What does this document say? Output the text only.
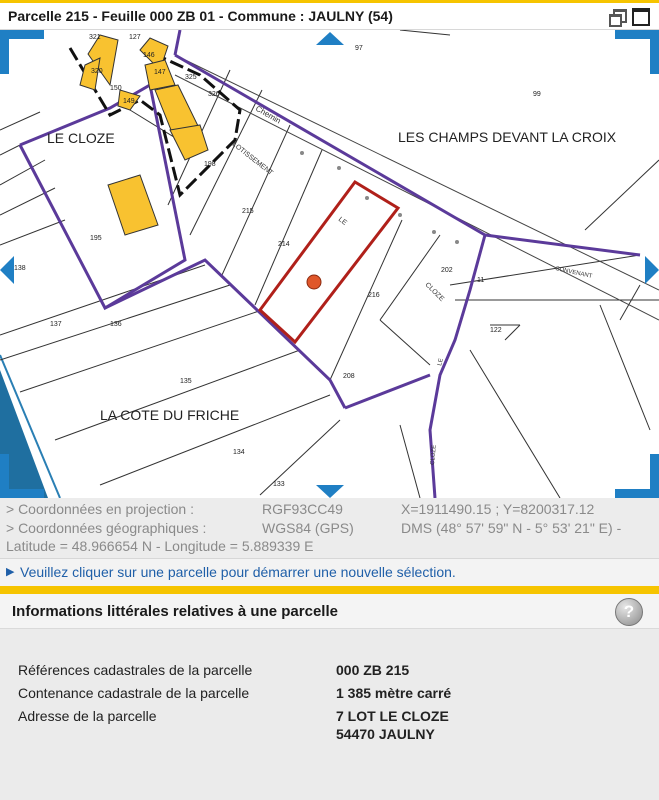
Parcelle 215 - Feuille 000 ZB 01 - Commune : JAULNY (54)
LE CLOZE	LES CHAMPS DEVANT LA CROIX
LA COTE DU FRICHE
Chemin
LOTISSEMENT
LE
CLOZE
CONVENANT
LE
CLOZE
97
99
321
320
150
149
146
147
325
326
198
215
214
195
216
202
122
138
137	136
135
208
134
133
127
11
> Coordonnées en projection :	RGF93CC49	X=1911490.15 ; Y=8200317.12
> Coordonnées géographiques :	WGS84 (GPS)	DMS (48° 57' 59" N - 5° 53' 21" E) -
Latitude = 48.966654 N - Longitude = 5.889339 E
▶ Veuillez cliquer sur une parcelle pour démarrer une nouvelle sélection.
Informations littérales relatives à une parcelle	?
Références cadastrales de la parcelle	000 ZB 215
Contenance cadastrale de la parcelle	1 385 mètre carré
Adresse de la parcelle	7 LOT LE CLOZE
54470 JAULNY
